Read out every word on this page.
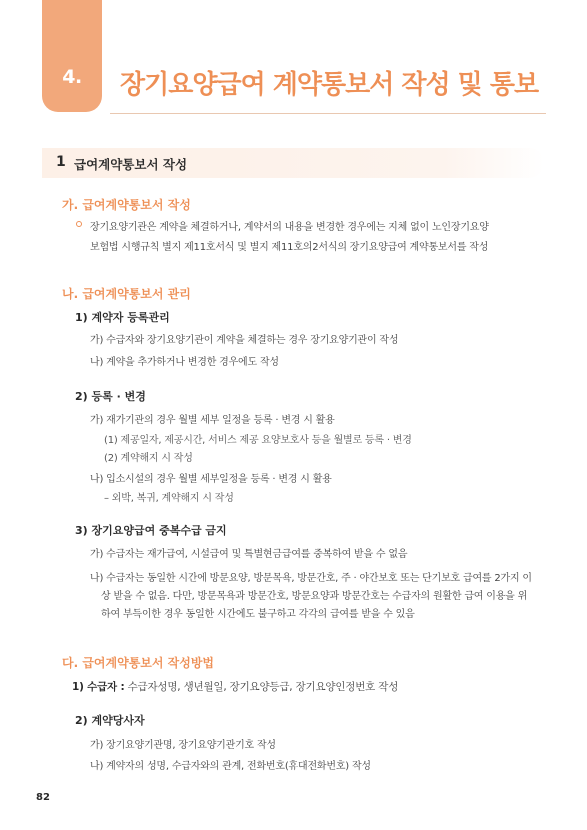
4.	장기요양급여 계약통보서 작성 및 통보
1 급여계약통보서 작성
가. 급여계약통보서 작성
장기요양기관은 계약을 체결하거나, 계약서의 내용을 변경한 경우에는 지체 없이 노인장기요양
보험법 시행규칙 별지 제11호서식 및 별지 제11호의2서식의 장기요양급여 계약통보서를 작성
나. 급여계약통보서 관리
1) 계약자 등록관리
가) 수급자와 장기요양기관이 계약을 체결하는 경우 장기요양기관이 작성
나) 계약을 추가하거나 변경한 경우에도 작성
2) 등록 · 변경
가) 재가기관의 경우 월별 세부 일정을 등록 · 변경 시 활용
(1) 제공일자, 제공시간, 서비스 제공 요양보호사 등을 월별로 등록 · 변경
(2) 계약해지 시 작성
나) 입소시설의 경우 월별 세부일정을 등록 · 변경 시 활용
– 외박, 복귀, 계약해지 시 작성
3) 장기요양급여 중복수급 금지
가) 수급자는 재가급여, 시설급여 및 특별현금급여를 중복하여 받을 수 없음
나) 수급자는 동일한 시간에 방문요양, 방문목욕, 방문간호, 주 · 야간보호 또는 단기보호 급여를 2가지 이
상 받을 수 없음. 다만, 방문목욕과 방문간호, 방문요양과 방문간호는 수급자의 원활한 급여 이용을 위
하여 부득이한 경우 동일한 시간에도 불구하고 각각의 급여를 받을 수 있음
다. 급여계약통보서 작성방법
1) 수급자 : 수급자성명, 생년월일, 장기요양등급, 장기요양인정번호 작성
2) 계약당사자
가) 장기요양기관명, 장기요양기관기호 작성
나) 계약자의 성명, 수급자와의 관계, 전화번호(휴대전화번호) 작성
82
